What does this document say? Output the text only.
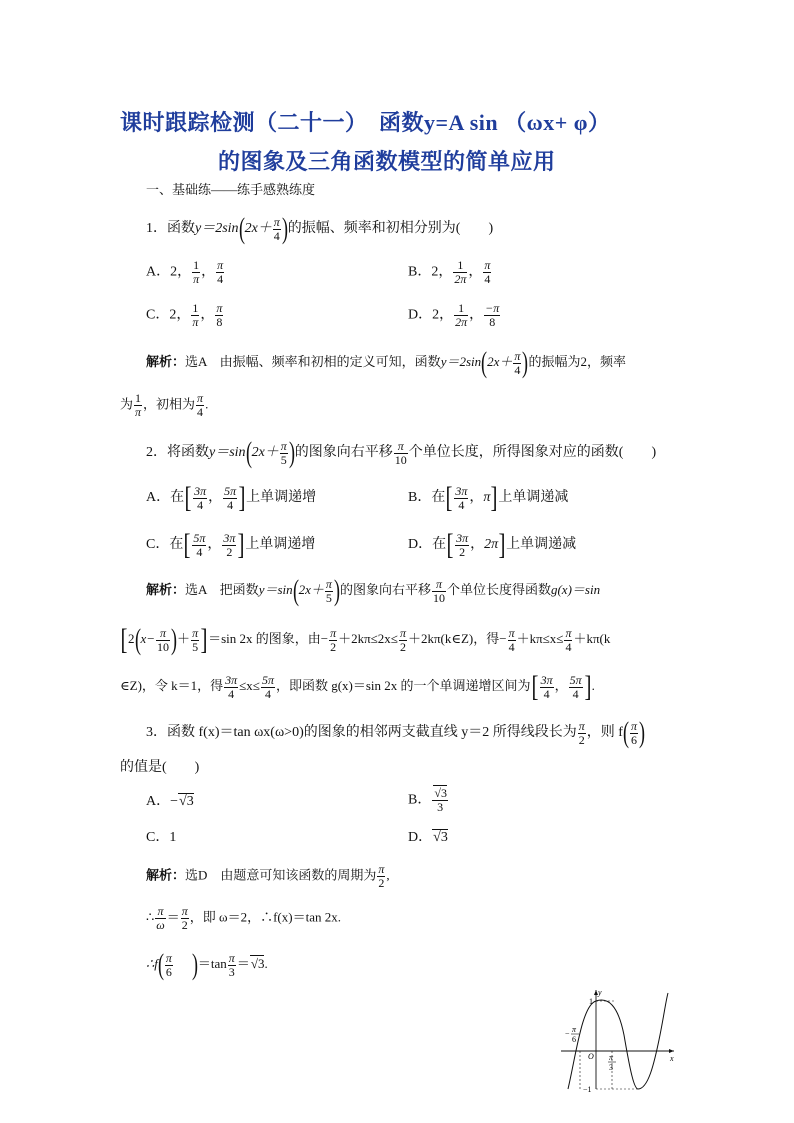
课时跟踪检测（二十一）　函数y=A sin （ωx+ φ）
的图象及三角函数模型的简单应用
一、基础练——练手感熟练度
1．函数$y=2\sin(2x+ \frac{\pi}{4}$ )的振幅、频率和初相分别为(　　)
A．2， $\frac{1}{\pi}$ ， $\frac{\pi}{4}$	B．2， $\frac{1}{2\pi}$ ， $\frac{\pi}{4}$
C．2， $\frac{1}{\pi}$ ， $\frac{\pi}{8}$	D．2， $\frac{1}{2\pi}$ ， $\frac{-\pi}{8}$
解析：选A　由振幅、频率和初相的定义可知，函数$y=2\sin(2x+ \frac{\pi}{4}$ )的振幅为2，频率
为 $\frac{1}{\pi}$ ，初相为 $\frac{\pi}{4}$ .
2．将函数$y=\sin(2x+ \frac{\pi}{5}$ )的图象向右平移 $\frac{\pi}{10}$ 个单位长度，所得图象对应的函数(　　)
A．在[ $\frac{3\pi}{4}$ ， $\frac{5\pi}{4}$ ]上单调递增	B．在[ $\frac{3\pi}{4}$ ，π]上单调递减
C．在[ $\frac{5\pi}{4}$ ， $\frac{3\pi}{2}$ ]上单调递增	D．在[ $\frac{3\pi}{2}$ ，2π]上单调递减
解析：选A　把函数$y=\sin(2x+ \frac{\pi}{5}$ )的图象向右平移 $\frac{\pi}{10}$ 个单位长度得函数g(x)＝sin
[$2(x- \frac{\pi}{10}$ )＋ $\frac{\pi}{5} ]=\sin$ 2x 的图象，由− $\frac{\pi}{2} +2k\pi\le 2x\le \frac{\pi}{2}$ ＋2kπ(k∈Z)，得− $\frac{\pi}{4} +k\pi\le x\le \frac{\pi}{4} +k\pi(k$
∈Z)，令 k＝1，得 $\frac{3\pi}{4} \le x\le \frac{5\pi}{4}$ ，即函数 g(x)＝sin 2x 的一个单调递增区间为[ $\frac{3\pi}{4}$ ， $\frac{5\pi}{4}$ ].
3．函数 f(x)＝tan ωx(ω>0)的图象的相邻两支截直线 y＝2 所得线段长为 $\frac{\pi}{2}$ ，则 $f( \frac{\pi}{6}$ )
的值是(　　)
A．−√3	B． $\frac{√3}{3}$
C．1	D．√3
解析：选D　由题意可知该函数的周期为 $\frac{\pi}{2}$ ,
∴ $\frac{\pi}{\omega} = \frac{\pi}{2}$ ，即 ω＝2，∴f(x)＝tan 2x.
∴f( $\frac{\pi}{6} )=\tan \frac{\pi}{3} =√3$.
y
x
1
−1
O
− π
6
π
3
